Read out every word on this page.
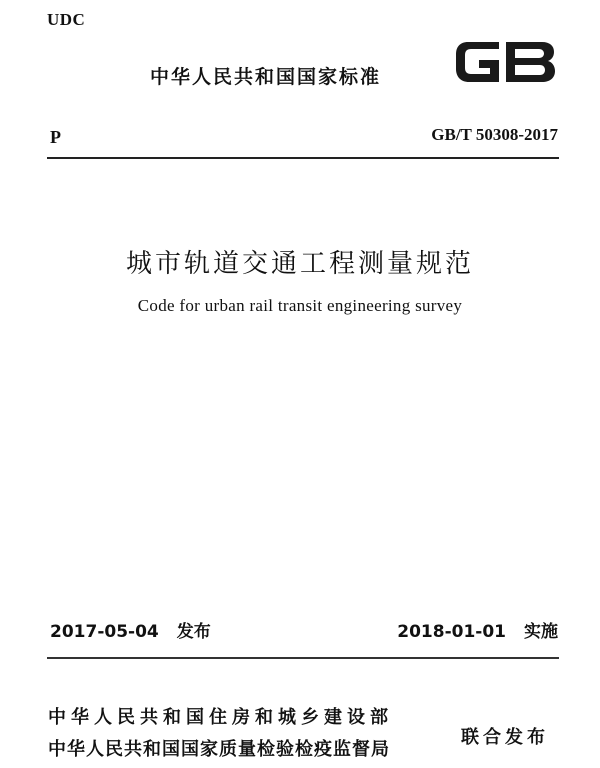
UDC
中华人民共和国国家标准
GB
P	GB/T 50308-2017
城市轨道交通工程测量规范
Code for urban rail transit engineering survey
2017-05-04 发布	2018-01-01 实施
中华人民共和国住房和城乡建设部
中华人民共和国国家质量检验检疫监督局
联合发布
